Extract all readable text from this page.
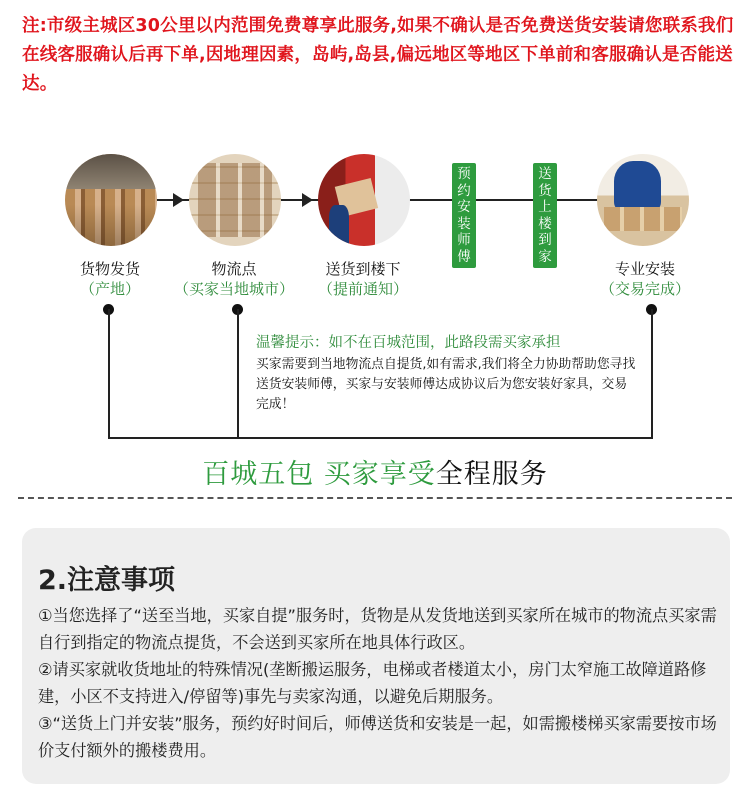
注:市级主城区30公里以内范围免费尊享此服务,如果不确认是否免费送货安装请您联系我们在线客服确认后再下单,因地理因素，岛屿,岛县,偏远地区等地区下单前和客服确认是否能送达。
预约安装师傅
送货上楼到家
货物发货
（产地）
物流点
（买家当地城市）
送货到楼下
（提前通知）
专业安装
（交易完成）
温馨提示：如不在百城范围，此路段需买家承担
买家需要到当地物流点自提货,如有需求,我们将全力协助帮助您寻找送货安装师傅，买家与安装师傅达成协议后为您安装好家具，交易完成！
百城五包 买家享受全程服务
2.注意事项

①当您选择了“送至当地，买家自提”服务时，货物是从发货地送到买家所在城市的物流点买家需自行到指定的物流点提货，不会送到买家所在地具体行政区。

②请买家就收货地址的特殊情况(垄断搬运服务，电梯或者楼道太小，房门太窄施工故障道路修建，小区不支持进入/停留等)事先与卖家沟通，以避免后期服务。

③“送货上门并安装”服务，预约好时间后，师傅送货和安装是一起，如需搬楼梯买家需要按市场价支付额外的搬楼费用。
